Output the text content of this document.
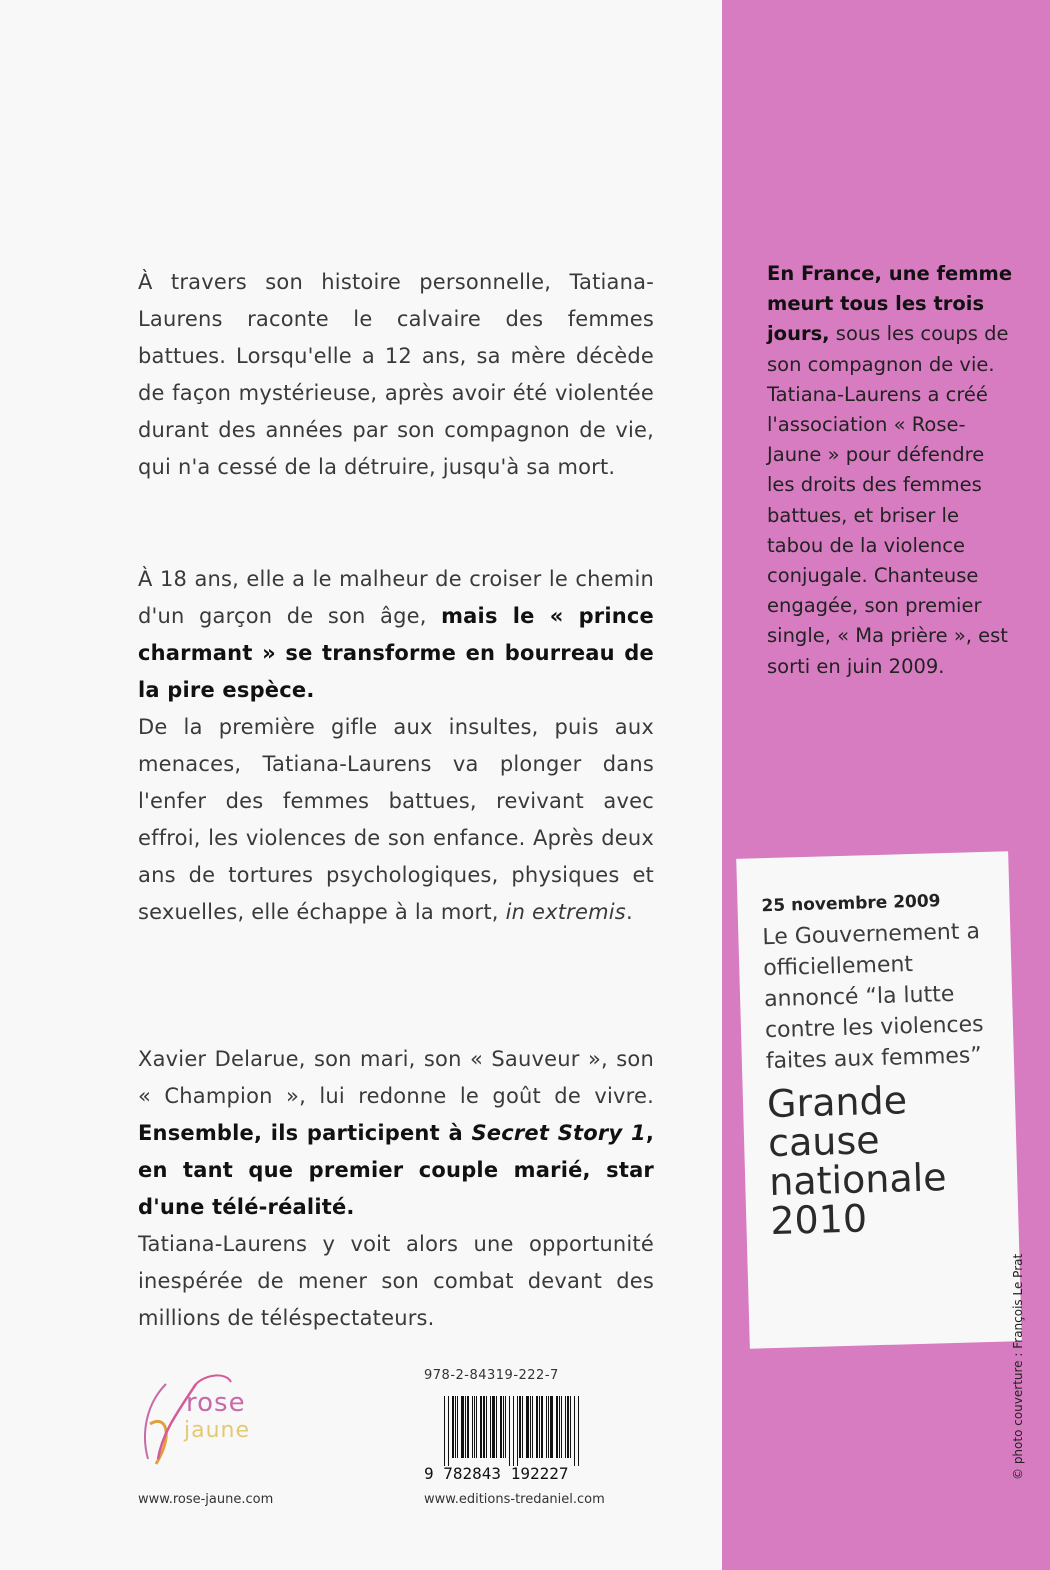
À travers son histoire personnelle, Tatiana-Laurens raconte le calvaire des femmes battues. Lorsqu'elle a 12 ans, sa mère décède de façon mystérieuse, après avoir été violentée durant des années par son compagnon de vie, qui n'a cessé de la détruire, jusqu'à sa mort.

À 18 ans, elle a le malheur de croiser le chemin d'un garçon de son âge, mais le « prince charmant » se transforme en bourreau de la pire espèce.

De la première gifle aux insultes, puis aux menaces, Tatiana-Laurens va plonger dans l'enfer des femmes battues, revivant avec effroi, les violences de son enfance. Après deux ans de tortures psychologiques, physiques et sexuelles, elle échappe à la mort, in extremis.

Xavier Delarue, son mari, son « Sauveur », son « Champion », lui redonne le goût de vivre. Ensemble, ils participent à Secret Story 1, en tant que premier couple marié, star d'une télé-réalité.

Tatiana-Laurens y voit alors une opportunité inespérée de mener son combat devant des millions de téléspectateurs.

En France, une femme meurt tous les trois jours, sous les coups de son compagnon de vie. Tatiana-Laurens a créé l'association « Rose-Jaune » pour défendre les droits des femmes battues, et briser le tabou de la violence conjugale. Chanteuse engagée, son premier single, « Ma prière », est sorti en juin 2009.
25 novembre 2009
Le Gouvernement a officiellement annoncé “la lutte contre les violences faites aux femmes”
Grande cause nationale 2010
© photo couverture : François Le Prat
rose
jaune
www.rose-jaune.com
978-2-84319-222-7
9 782843 192227
www.editions-tredaniel.com
